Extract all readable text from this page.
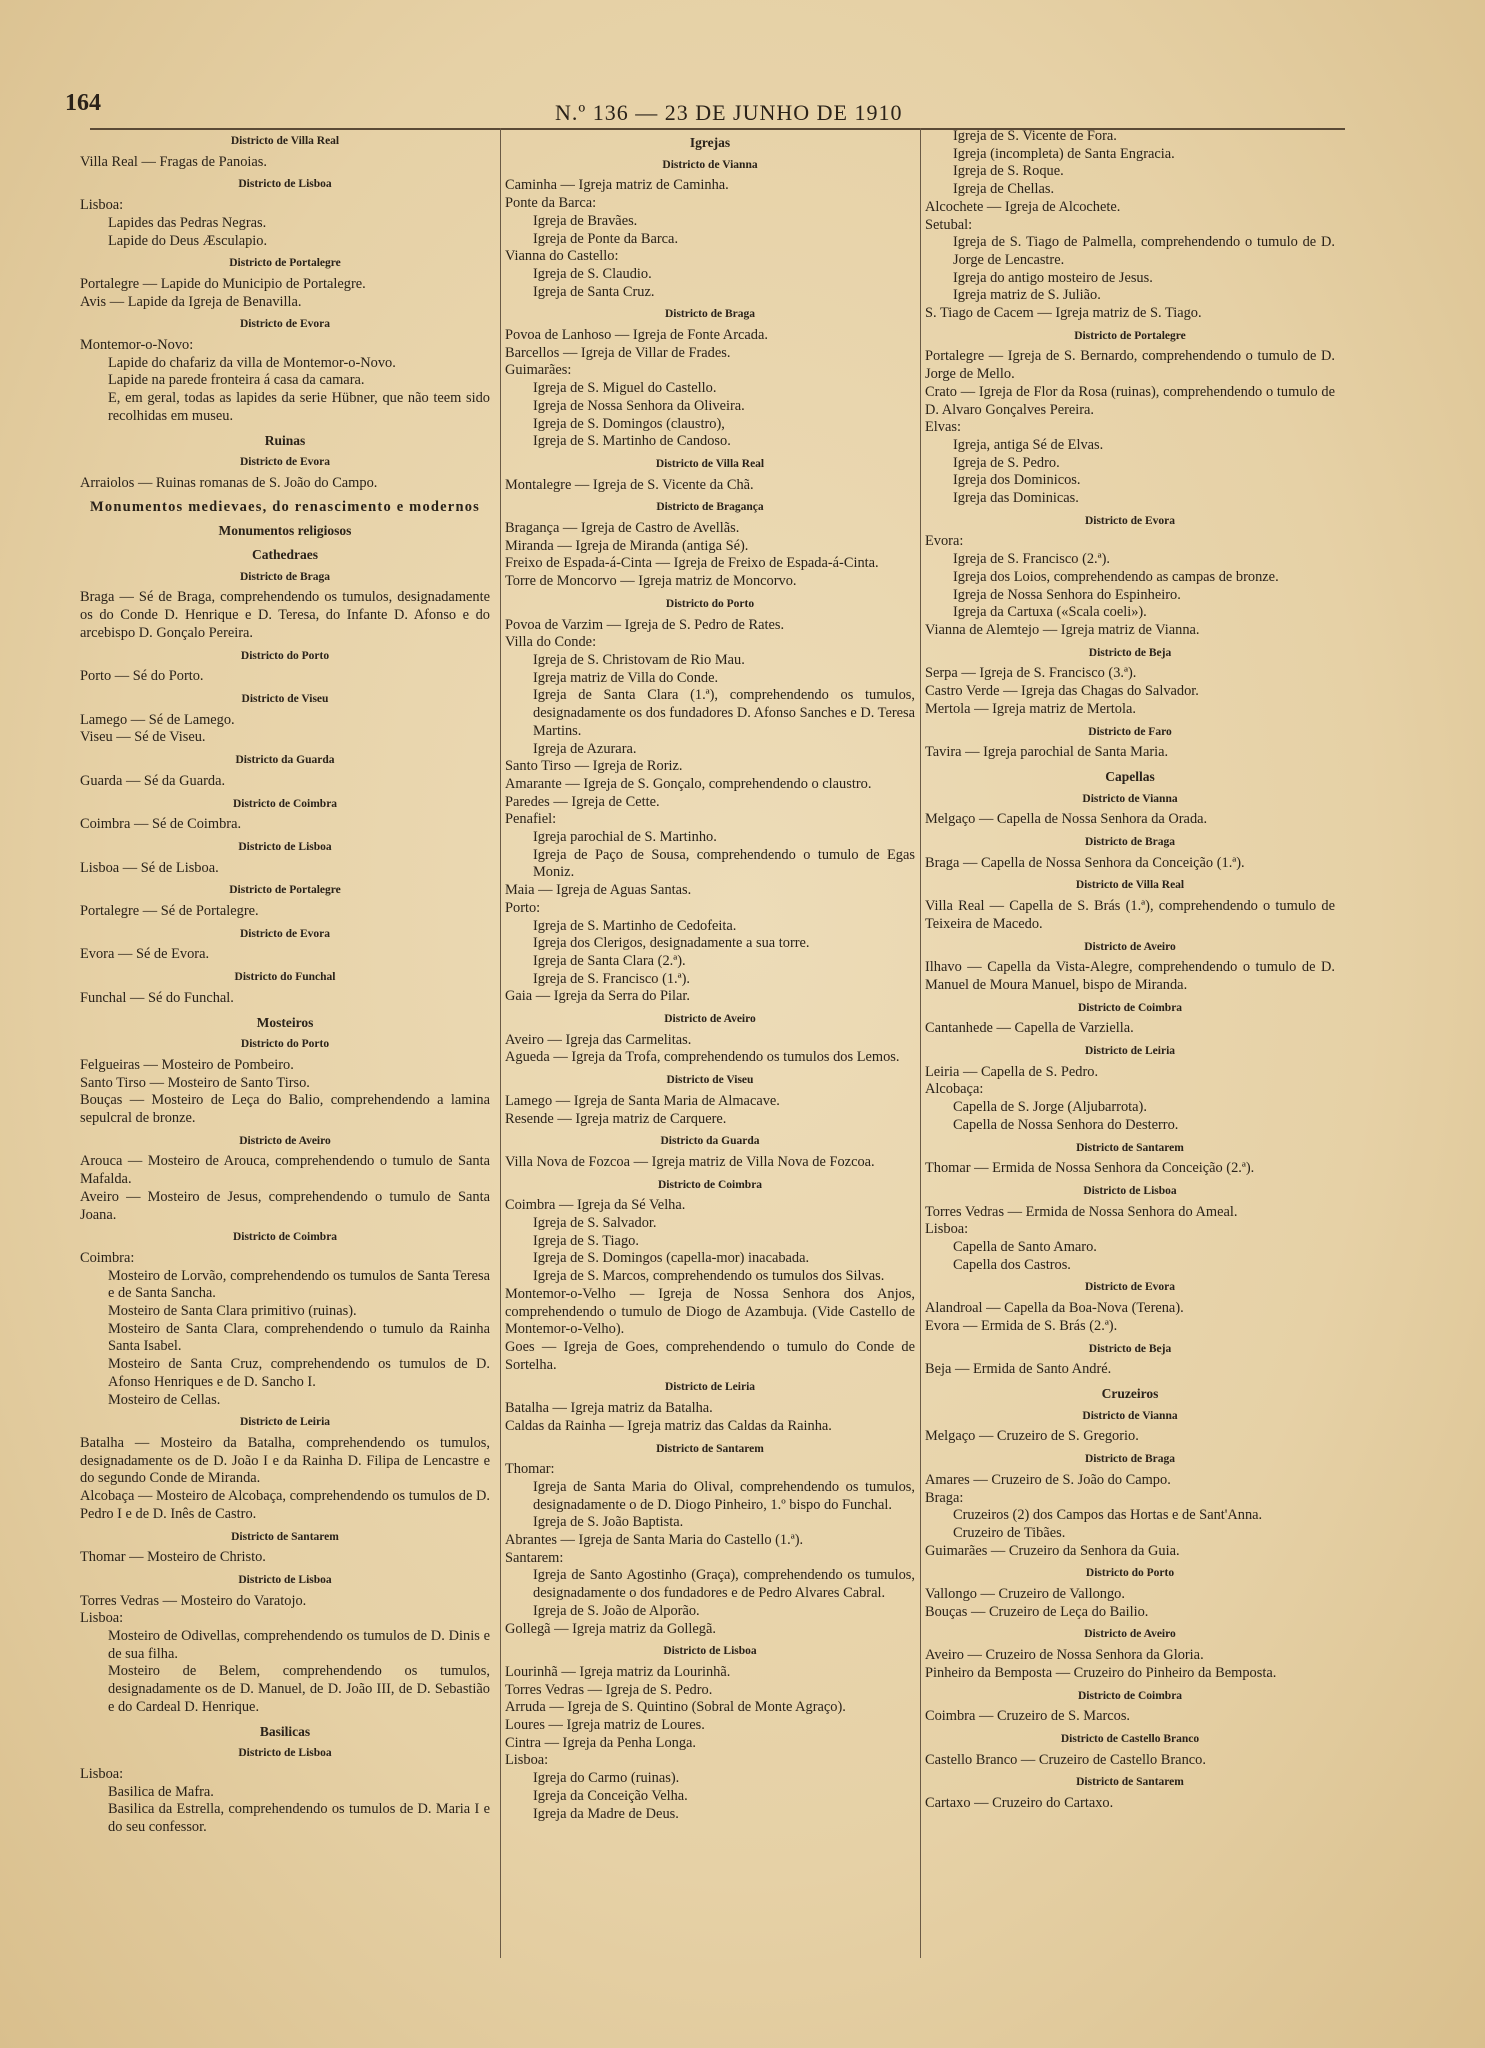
164	N.º 136 — 23 DE JUNHO DE 1910

Districto de Villa Real

Villa Real — Fragas de Panoias.

Districto de Lisboa

Lisboa:

Lapides das Pedras Negras.

Lapide do Deus Æsculapio.

Districto de Portalegre

Portalegre — Lapide do Municipio de Portalegre.

Avis — Lapide da Igreja de Benavilla.

Districto de Evora

Montemor-o-Novo:

Lapide do chafariz da villa de Montemor-o-Novo.

Lapide na parede fronteira á casa da camara.

E, em geral, todas as lapides da serie Hübner, que não teem sido recolhidas em museu.

Ruinas

Districto de Evora

Arraiolos — Ruinas romanas de S. João do Campo.

Monumentos medievaes, do renascimento e modernos

Monumentos religiosos

Cathedraes

Districto de Braga

Braga — Sé de Braga, comprehendendo os tumulos, designadamente os do Conde D. Henrique e D. Teresa, do Infante D. Afonso e do arcebispo D. Gonçalo Pereira.

Districto do Porto

Porto — Sé do Porto.

Districto de Viseu

Lamego — Sé de Lamego.

Viseu — Sé de Viseu.

Districto da Guarda

Guarda — Sé da Guarda.

Districto de Coimbra

Coimbra — Sé de Coimbra.

Districto de Lisboa

Lisboa — Sé de Lisboa.

Districto de Portalegre

Portalegre — Sé de Portalegre.

Districto de Evora

Evora — Sé de Evora.

Districto do Funchal

Funchal — Sé do Funchal.

Mosteiros

Districto do Porto

Felgueiras — Mosteiro de Pombeiro.

Santo Tirso — Mosteiro de Santo Tirso.

Bouças — Mosteiro de Leça do Balio, comprehendendo a lamina sepulcral de bronze.

Districto de Aveiro

Arouca — Mosteiro de Arouca, comprehendendo o tumulo de Santa Mafalda.

Aveiro — Mosteiro de Jesus, comprehendendo o tumulo de Santa Joana.

Districto de Coimbra

Coimbra:

Mosteiro de Lorvão, comprehendendo os tumulos de Santa Teresa e de Santa Sancha.

Mosteiro de Santa Clara primitivo (ruinas).

Mosteiro de Santa Clara, comprehendendo o tumulo da Rainha Santa Isabel.

Mosteiro de Santa Cruz, comprehendendo os tumulos de D. Afonso Henriques e de D. Sancho I.

Mosteiro de Cellas.

Districto de Leiria

Batalha — Mosteiro da Batalha, comprehendendo os tumulos, designadamente os de D. João I e da Rainha D. Filipa de Lencastre e do segundo Conde de Miranda.

Alcobaça — Mosteiro de Alcobaça, comprehendendo os tumulos de D. Pedro I e de D. Inês de Castro.

Districto de Santarem

Thomar — Mosteiro de Christo.

Districto de Lisboa

Torres Vedras — Mosteiro do Varatojo.

Lisboa:

Mosteiro de Odivellas, comprehendendo os tumulos de D. Dinis e de sua filha.

Mosteiro de Belem, comprehendendo os tumulos, designadamente os de D. Manuel, de D. João III, de D. Sebastião e do Cardeal D. Henrique.

Basilicas

Districto de Lisboa

Lisboa:

Basilica de Mafra.

Basilica da Estrella, comprehendendo os tumulos de D. Maria I e do seu confessor.

Igrejas

Districto de Vianna

Caminha — Igreja matriz de Caminha.

Ponte da Barca:

Igreja de Bravães.

Igreja de Ponte da Barca.

Vianna do Castello:

Igreja de S. Claudio.

Igreja de Santa Cruz.

Districto de Braga

Povoa de Lanhoso — Igreja de Fonte Arcada.

Barcellos — Igreja de Villar de Frades.

Guimarães:

Igreja de S. Miguel do Castello.

Igreja de Nossa Senhora da Oliveira.

Igreja de S. Domingos (claustro),

Igreja de S. Martinho de Candoso.

Districto de Villa Real

Montalegre — Igreja de S. Vicente da Chã.

Districto de Bragança

Bragança — Igreja de Castro de Avellãs.

Miranda — Igreja de Miranda (antiga Sé).

Freixo de Espada-á-Cinta — Igreja de Freixo de Espada-á-Cinta.

Torre de Moncorvo — Igreja matriz de Moncorvo.

Districto do Porto

Povoa de Varzim — Igreja de S. Pedro de Rates.

Villa do Conde:

Igreja de S. Christovam de Rio Mau.

Igreja matriz de Villa do Conde.

Igreja de Santa Clara (1.ª), comprehendendo os tumulos, designadamente os dos fundadores D. Afonso Sanches e D. Teresa Martins.

Igreja de Azurara.

Santo Tirso — Igreja de Roriz.

Amarante — Igreja de S. Gonçalo, comprehendendo o claustro.

Paredes — Igreja de Cette.

Penafiel:

Igreja parochial de S. Martinho.

Igreja de Paço de Sousa, comprehendendo o tumulo de Egas Moniz.

Maia — Igreja de Aguas Santas.

Porto:

Igreja de S. Martinho de Cedofeita.

Igreja dos Clerigos, designadamente a sua torre.

Igreja de Santa Clara (2.ª).

Igreja de S. Francisco (1.ª).

Gaia — Igreja da Serra do Pilar.

Districto de Aveiro

Aveiro — Igreja das Carmelitas.

Agueda — Igreja da Trofa, comprehendendo os tumulos dos Lemos.

Districto de Viseu

Lamego — Igreja de Santa Maria de Almacave.

Resende — Igreja matriz de Carquere.

Districto da Guarda

Villa Nova de Fozcoa — Igreja matriz de Villa Nova de Fozcoa.

Districto de Coimbra

Coimbra — Igreja da Sé Velha.

Igreja de S. Salvador.

Igreja de S. Tiago.

Igreja de S. Domingos (capella-mor) inacabada.

Igreja de S. Marcos, comprehendendo os tumulos dos Silvas.

Montemor-o-Velho — Igreja de Nossa Senhora dos Anjos, comprehendendo o tumulo de Diogo de Azambuja. (Vide Castello de Montemor-o-Velho).

Goes — Igreja de Goes, comprehendendo o tumulo do Conde de Sortelha.

Districto de Leiria

Batalha — Igreja matriz da Batalha.

Caldas da Rainha — Igreja matriz das Caldas da Rainha.

Districto de Santarem

Thomar:

Igreja de Santa Maria do Olival, comprehendendo os tumulos, designadamente o de D. Diogo Pinheiro, 1.º bispo do Funchal.

Igreja de S. João Baptista.

Abrantes — Igreja de Santa Maria do Castello (1.ª).

Santarem:

Igreja de Santo Agostinho (Graça), comprehendendo os tumulos, designadamente o dos fundadores e de Pedro Alvares Cabral.

Igreja de S. João de Alporão.

Gollegã — Igreja matriz da Gollegã.

Districto de Lisboa

Lourinhã — Igreja matriz da Lourinhã.

Torres Vedras — Igreja de S. Pedro.

Arruda — Igreja de S. Quintino (Sobral de Monte Agraço).

Loures — Igreja matriz de Loures.

Cintra — Igreja da Penha Longa.

Lisboa:

Igreja do Carmo (ruinas).

Igreja da Conceição Velha.

Igreja da Madre de Deus.

Igreja de S. Vicente de Fora.

Igreja (incompleta) de Santa Engracia.

Igreja de S. Roque.

Igreja de Chellas.

Alcochete — Igreja de Alcochete.

Setubal:

Igreja de S. Tiago de Palmella, comprehendendo o tumulo de D. Jorge de Lencastre.

Igreja do antigo mosteiro de Jesus.

Igreja matriz de S. Julião.

S. Tiago de Cacem — Igreja matriz de S. Tiago.

Districto de Portalegre

Portalegre — Igreja de S. Bernardo, comprehendendo o tumulo de D. Jorge de Mello.

Crato — Igreja de Flor da Rosa (ruinas), comprehendendo o tumulo de D. Alvaro Gonçalves Pereira.

Elvas:

Igreja, antiga Sé de Elvas.

Igreja de S. Pedro.

Igreja dos Dominicos.

Igreja das Dominicas.

Districto de Evora

Evora:

Igreja de S. Francisco (2.ª).

Igreja dos Loios, comprehendendo as campas de bronze.

Igreja de Nossa Senhora do Espinheiro.

Igreja da Cartuxa («Scala coeli»).

Vianna de Alemtejo — Igreja matriz de Vianna.

Districto de Beja

Serpa — Igreja de S. Francisco (3.ª).

Castro Verde — Igreja das Chagas do Salvador.

Mertola — Igreja matriz de Mertola.

Districto de Faro

Tavira — Igreja parochial de Santa Maria.

Capellas

Districto de Vianna

Melgaço — Capella de Nossa Senhora da Orada.

Districto de Braga

Braga — Capella de Nossa Senhora da Conceição (1.ª).

Districto de Villa Real

Villa Real — Capella de S. Brás (1.ª), comprehendendo o tumulo de Teixeira de Macedo.

Districto de Aveiro

Ilhavo — Capella da Vista-Alegre, comprehendendo o tumulo de D. Manuel de Moura Manuel, bispo de Miranda.

Districto de Coimbra

Cantanhede — Capella de Varziella.

Districto de Leiria

Leiria — Capella de S. Pedro.

Alcobaça:

Capella de S. Jorge (Aljubarrota).

Capella de Nossa Senhora do Desterro.

Districto de Santarem

Thomar — Ermida de Nossa Senhora da Conceição (2.ª).

Districto de Lisboa

Torres Vedras — Ermida de Nossa Senhora do Ameal.

Lisboa:

Capella de Santo Amaro.

Capella dos Castros.

Districto de Evora

Alandroal — Capella da Boa-Nova (Terena).

Evora — Ermida de S. Brás (2.ª).

Districto de Beja

Beja — Ermida de Santo André.

Cruzeiros

Districto de Vianna

Melgaço — Cruzeiro de S. Gregorio.

Districto de Braga

Amares — Cruzeiro de S. João do Campo.

Braga:

Cruzeiros (2) dos Campos das Hortas e de Sant'Anna.

Cruzeiro de Tibães.

Guimarães — Cruzeiro da Senhora da Guia.

Districto do Porto

Vallongo — Cruzeiro de Vallongo.

Bouças — Cruzeiro de Leça do Bailio.

Districto de Aveiro

Aveiro — Cruzeiro de Nossa Senhora da Gloria.

Pinheiro da Bemposta — Cruzeiro do Pinheiro da Bemposta.

Districto de Coimbra

Coimbra — Cruzeiro de S. Marcos.

Districto de Castello Branco

Castello Branco — Cruzeiro de Castello Branco.

Districto de Santarem

Cartaxo — Cruzeiro do Cartaxo.
